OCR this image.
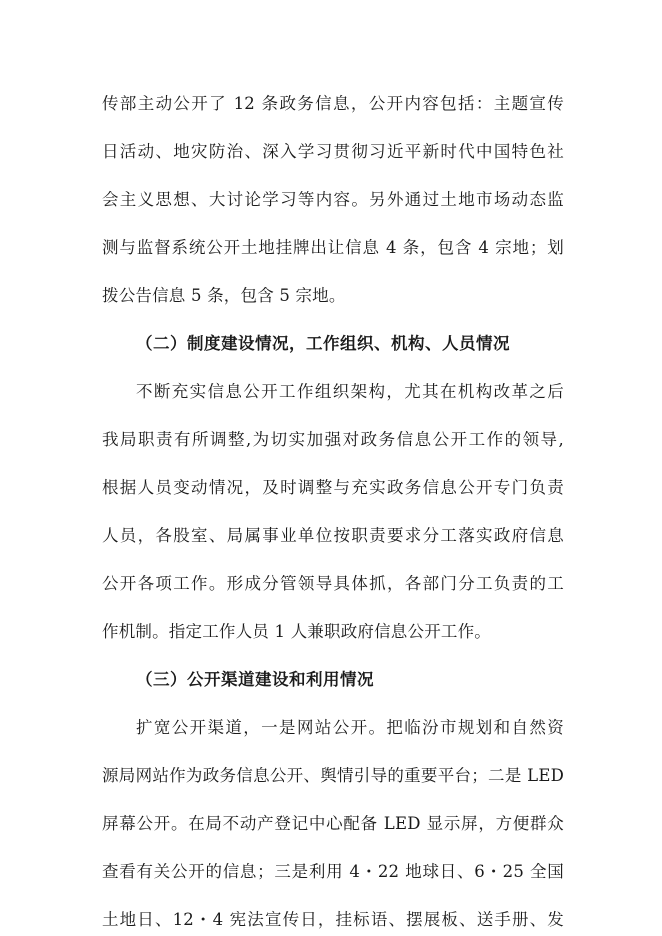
传部主动公开了 12 条政务信息，公开内容包括：主题宣传
日活动、地灾防治、深入学习贯彻习近平新时代中国特色社
会主义思想、大讨论学习等内容。另外通过土地市场动态监
测与监督系统公开土地挂牌出让信息 4 条，包含 4 宗地；划
拨公告信息 5 条，包含 5 宗地。
（二）制度建设情况，工作组织、机构、人员情况
不断充实信息公开工作组织架构，尤其在机构改革之后
我局职责有所调整,为切实加强对政务信息公开工作的领导,
根据人员变动情况，及时调整与充实政务信息公开专门负责
人员，各股室、局属事业单位按职责要求分工落实政府信息
公开各项工作。形成分管领导具体抓，各部门分工负责的工
作机制。指定工作人员 1 人兼职政府信息公开工作。
（三）公开渠道建设和利用情况
扩宽公开渠道，一是网站公开。把临汾市规划和自然资
源局网站作为政务信息公开、舆情引导的重要平台；二是 LED
屏幕公开。在局不动产登记中心配备 LED 显示屏，方便群众
查看有关公开的信息；三是利用 4・22 地球日、6・25 全国
土地日、12・4 宪法宣传日，挂标语、摆展板、送手册、发
